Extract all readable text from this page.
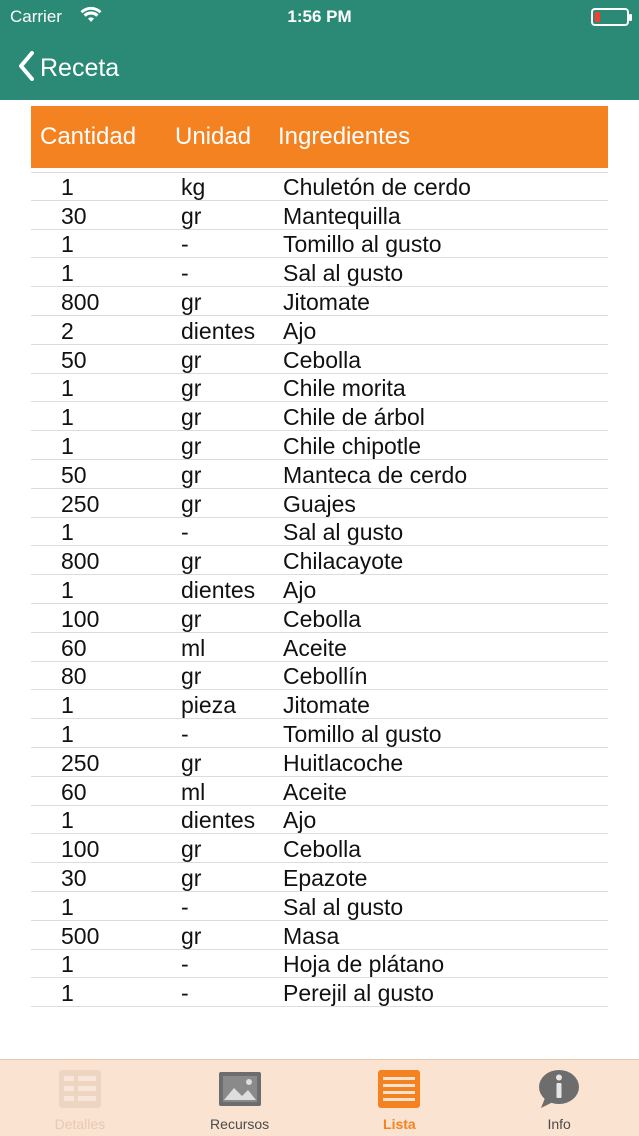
Carrier	1:56 PM
Receta
Cantidad	Unidad	Ingredientes
1	kg	Chuletón de cerdo
30	gr	Mantequilla
1	-	Tomillo al gusto
1	-	Sal al gusto
800	gr	Jitomate
2	dientes	Ajo
50	gr	Cebolla
1	gr	Chile morita
1	gr	Chile de árbol
1	gr	Chile chipotle
50	gr	Manteca de cerdo
250	gr	Guajes
1	-	Sal al gusto
800	gr	Chilacayote
1	dientes	Ajo
100	gr	Cebolla
60	ml	Aceite
80	gr	Cebollín
1	pieza	Jitomate
1	-	Tomillo al gusto
250	gr	Huitlacoche
60	ml	Aceite
1	dientes	Ajo
100	gr	Cebolla
30	gr	Epazote
1	-	Sal al gusto
500	gr	Masa
1	-	Hoja de plátano
1	-	Perejil al gusto
Detalles	Recursos	Lista	Info
